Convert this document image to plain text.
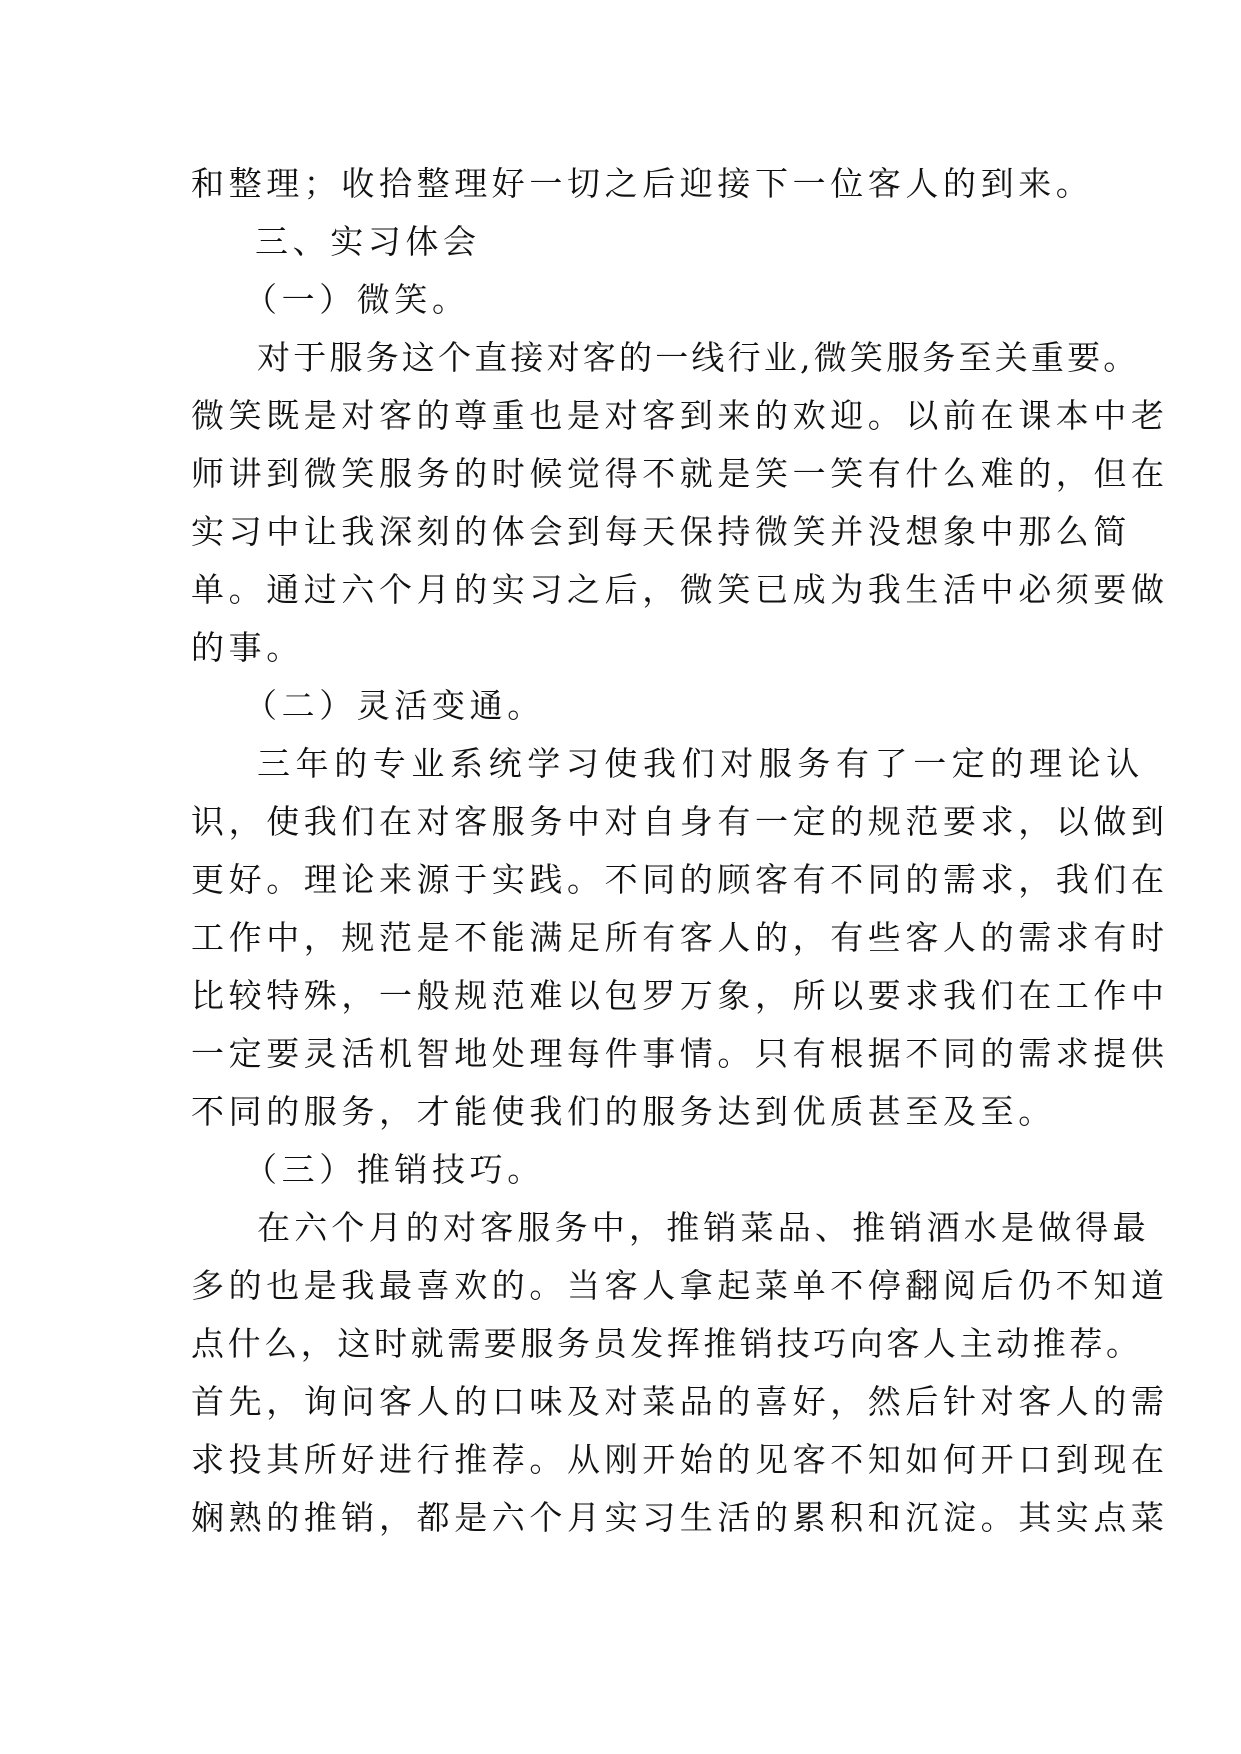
和整理；收拾整理好一切之后迎接下一位客人的到来。
三、实习体会
（一）微笑。
对于服务这个直接对客的一线行业,微笑服务至关重要。
微笑既是对客的尊重也是对客到来的欢迎。以前在课本中老
师讲到微笑服务的时候觉得不就是笑一笑有什么难的，但在
实习中让我深刻的体会到每天保持微笑并没想象中那么简
单。通过六个月的实习之后，微笑已成为我生活中必须要做
的事。
（二）灵活变通。
三年的专业系统学习使我们对服务有了一定的理论认
识，使我们在对客服务中对自身有一定的规范要求，以做到
更好。理论来源于实践。不同的顾客有不同的需求，我们在
工作中，规范是不能满足所有客人的，有些客人的需求有时
比较特殊，一般规范难以包罗万象，所以要求我们在工作中
一定要灵活机智地处理每件事情。只有根据不同的需求提供
不同的服务，才能使我们的服务达到优质甚至及至。
（三）推销技巧。
在六个月的对客服务中，推销菜品、推销酒水是做得最
多的也是我最喜欢的。当客人拿起菜单不停翻阅后仍不知道
点什么，这时就需要服务员发挥推销技巧向客人主动推荐。
首先，询问客人的口味及对菜品的喜好，然后针对客人的需
求投其所好进行推荐。从刚开始的见客不知如何开口到现在
娴熟的推销，都是六个月实习生活的累积和沉淀。其实点菜
